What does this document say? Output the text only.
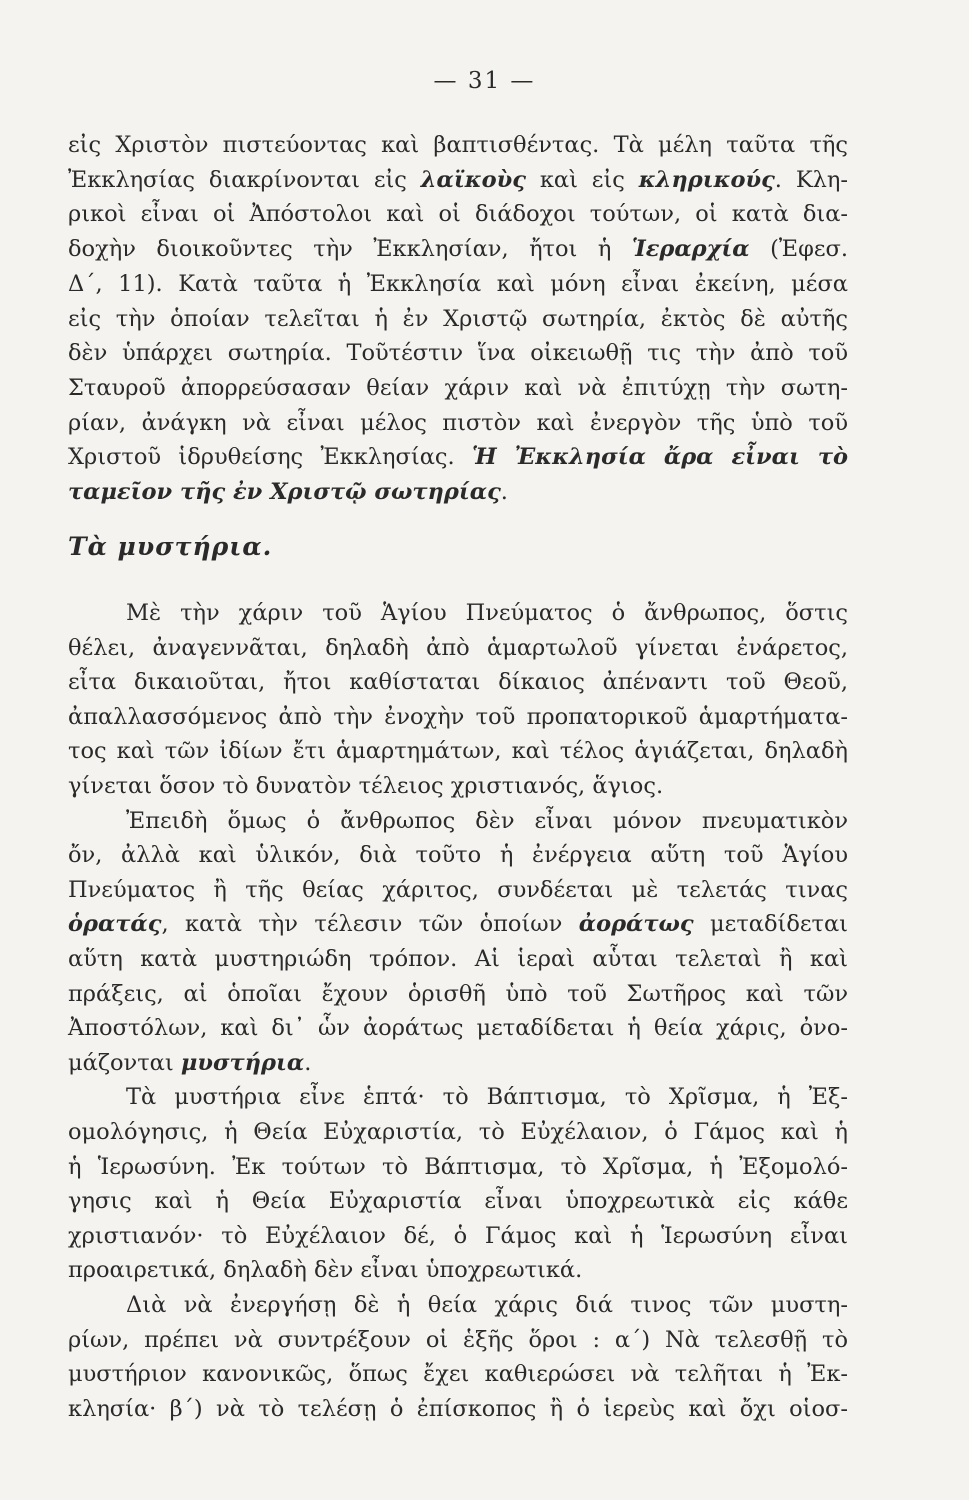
— 31 —
εἰς Χριστὸν πιστεύοντας καὶ βαπτισθέντας. Τὰ μέλη ταῦτα τῆς
Ἐκκλησίας διακρίνονται εἰς λαϊκοὺς καὶ εἰς κληρικούς. Κλη-
ρικοὶ εἶναι οἱ Ἀπόστολοι καὶ οἱ διάδοχοι τούτων, οἱ κατὰ δια-
δοχὴν διοικοῦντες τὴν Ἐκκλησίαν, ἤτοι ἡ Ἱεραρχία (Ἐφεσ.
Δ΄, 11). Κατὰ ταῦτα ἡ Ἐκκλησία καὶ μόνη εἶναι ἐκείνη, μέσα
εἰς τὴν ὁποίαν τελεῖται ἡ ἐν Χριστῷ σωτηρία, ἐκτὸς δὲ αὐτῆς
δὲν ὑπάρχει σωτηρία. Τοῦτέστιν ἵνα οἰκειωθῇ τις τὴν ἀπὸ τοῦ
Σταυροῦ ἀπορρεύσασαν θείαν χάριν καὶ νὰ ἐπιτύχῃ τὴν σωτη-
ρίαν, ἀνάγκη νὰ εἶναι μέλος πιστὸν καὶ ἐνεργὸν τῆς ὑπὸ τοῦ
Χριστοῦ ἱδρυθείσης Ἐκκλησίας. Ἡ Ἐκκλησία ἄρα εἶναι τὸ
ταμεῖον τῆς ἐν Χριστῷ σωτηρίας.
Τὰ μυστήρια.
Μὲ τὴν χάριν τοῦ Ἁγίου Πνεύματος ὁ ἄνθρωπος, ὅστις
θέλει, ἀναγεννᾶται, δηλαδὴ ἀπὸ ἁμαρτωλοῦ γίνεται ἐνάρετος,
εἶτα δικαιοῦται, ἤτοι καθίσταται δίκαιος ἀπέναντι τοῦ Θεοῦ,
ἀπαλλασσόμενος ἀπὸ τὴν ἐνοχὴν τοῦ προπατορικοῦ ἁμαρτήματα-
τος καὶ τῶν ἰδίων ἔτι ἁμαρτημάτων, καὶ τέλος ἁγιάζεται, δηλαδὴ
γίνεται ὅσον τὸ δυνατὸν τέλειος χριστιανός, ἅγιος.
Ἐπειδὴ ὅμως ὁ ἄνθρωπος δὲν εἶναι μόνον πνευματικὸν
ὄν, ἀλλὰ καὶ ὑλικόν, διὰ τοῦτο ἡ ἐνέργεια αὕτη τοῦ Ἁγίου
Πνεύματος ἢ τῆς θείας χάριτος, συνδέεται μὲ τελετάς τινας
ὁρατάς, κατὰ τὴν τέλεσιν τῶν ὁποίων ἀοράτως μεταδίδεται
αὕτη κατὰ μυστηριώδη τρόπον. Αἱ ἱεραὶ αὗται τελεταὶ ἢ καὶ
πράξεις, αἱ ὁποῖαι ἔχουν ὁρισθῆ ὑπὸ τοῦ Σωτῆρος καὶ τῶν
Ἀποστόλων, καὶ δι᾽ ὧν ἀοράτως μεταδίδεται ἡ θεία χάρις, ὀνο-
μάζονται μυστήρια.
Τὰ μυστήρια εἶνε ἑπτά· τὸ Βάπτισμα, τὸ Χρῖσμα, ἡ Ἐξ-
ομολόγησις, ἡ Θεία Εὐχαριστία, τὸ Εὐχέλαιον, ὁ Γάμος καὶ ἡ
ἡ Ἱερωσύνη. Ἐκ τούτων τὸ Βάπτισμα, τὸ Χρῖσμα, ἡ Ἐξομολό-
γησις καὶ ἡ Θεία Εὐχαριστία εἶναι ὑποχρεωτικὰ εἰς κάθε
χριστιανόν· τὸ Εὐχέλαιον δέ, ὁ Γάμος καὶ ἡ Ἱερωσύνη εἶναι
προαιρετικά, δηλαδὴ δὲν εἶναι ὑποχρεωτικά.
Διὰ νὰ ἐνεργήσῃ δὲ ἡ θεία χάρις διά τινος τῶν μυστη-
ρίων, πρέπει νὰ συντρέξουν οἱ ἑξῆς ὅροι : α΄) Νὰ τελεσθῇ τὸ
μυστήριον κανονικῶς, ὅπως ἔχει καθιερώσει νὰ τελῆται ἡ Ἐκ-
κλησία· β΄) νὰ τὸ τελέσῃ ὁ ἐπίσκοπος ἢ ὁ ἱερεὺς καὶ ὄχι οἱοσ-
